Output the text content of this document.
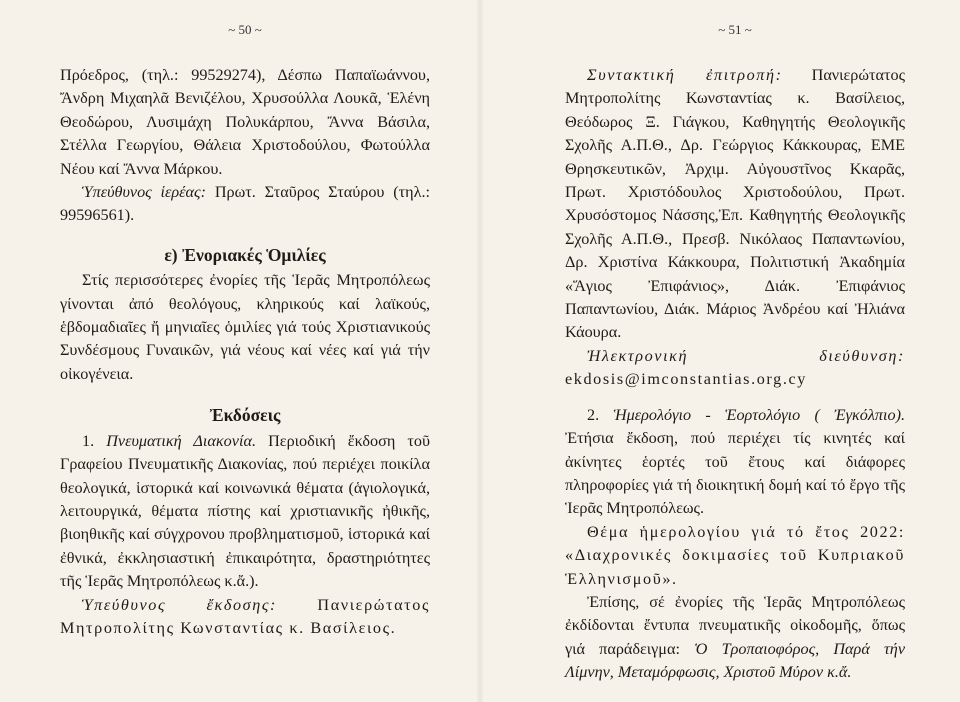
~ 50 ~

Πρόεδρος, (τηλ.: 99529274), Δέσπω Παπαϊωάννου, Ἄνδρη Μιχαηλᾶ Βενιζέλου, Χρυσούλλα Λουκᾶ, Ἑλένη Θεοδώρου, Λυσιμάχη Πολυκάρπου, Ἄννα Βάσιλα, Στέλλα Γεωργίου, Θάλεια Χριστοδούλου, Φωτούλλα Νέου καί Ἄννα Μάρκου.

Ὑπεύθυνος ἱερέας: Πρωτ. Σταῦρος Σταύρου (τηλ.: 99596561).

ε) Ἐνοριακές Ὁμιλίες

Στίς περισσότερες ἐνορίες τῆς Ἱερᾶς Μητροπόλεως γίνονται ἀπό θεολόγους, κληρικούς καί λαϊκούς, ἑβδομαδιαῖες ἤ μηνιαῖες ὁμιλίες γιά τούς Χριστιανικούς Συνδέσμους Γυναικῶν, γιά νέους καί νέες καί γιά τήν οἰκογένεια.

Ἐκδόσεις

1. Πνευματική Διακονία. Περιοδική ἔκδοση τοῦ Γραφείου Πνευματικῆς Διακονίας, πού περιέχει ποικίλα θεολογικά, ἱστορικά καί κοινωνικά θέματα (ἁγιολογικά, λειτουργικά, θέματα πίστης καί χριστιανικῆς ἠθικῆς, βιοηθικῆς καί σύγχρονου προβληματισμοῦ, ἱστορικά καί ἐθνικά, ἐκκλησιαστική ἐπικαιρότητα, δραστηριότητες τῆς Ἱερᾶς Μητροπόλεως κ.ἄ.).

Ὑπεύθυνος ἔκδοσης: Πανιερώτατος Μητροπολίτης Κωνσταντίας κ. Βασίλειος.

~ 51 ~

Συντακτική ἐπιτροπή: Πανιερώτατος Μητροπολίτης Κωνσταντίας κ. Βασίλειος, Θεόδωρος Ξ. Γιάγκου, Καθηγητής Θεολογικῆς Σχολῆς Α.Π.Θ., Δρ. Γεώργιος Κάκκουρας, ΕΜΕ Θρησκευτικῶν, Ἀρχιμ. Αὐγουστῖνος Κκαρᾶς, Πρωτ. Χριστόδουλος Χριστοδούλου, Πρωτ. Χρυσόστομος Νάσσης,Ἐπ. Καθηγητής Θεολογικῆς Σχολῆς Α.Π.Θ., Πρεσβ. Νικόλαος Παπαντωνίου, Δρ. Χριστίνα Κάκκουρα, Πολιτιστική Ἀκαδημία «Ἅγιος Ἐπιφάνιος», Διάκ. Ἐπιφάνιος Παπαντωνίου, Διάκ. Μάριος Ἀνδρέου καί Ἠλιάνα Κάουρα.

Ἠλεκτρονική διεύθυνση: ekdosis@imconstantias.org.cy

2. Ἡμερολόγιο - Ἑορτολόγιο ( Ἐγκόλπιο). Ἐτήσια ἔκδοση, πού περιέχει τίς κινητές καί ἀκίνητες ἑορτές τοῦ ἔτους καί διάφορες πληροφορίες γιά τή διοικητική δομή καί τό ἔργο τῆς Ἱερᾶς Μητροπόλεως.

Θέμα ἡμερολογίου γιά τό ἔτος 2022: «Διαχρονικές δοκιμασίες τοῦ Κυπριακοῦ Ἑλληνισμοῦ».

Ἐπίσης, σέ ἐνορίες τῆς Ἱερᾶς Μητροπόλεως ἐκδίδονται ἔντυπα πνευματικῆς οἰκοδομῆς, ὅπως γιά παράδειγμα: Ὁ Τροπαιοφόρος, Παρά τήν Λίμνην, Μεταμόρφωσις, Χριστοῦ Μύρον κ.ἄ.
